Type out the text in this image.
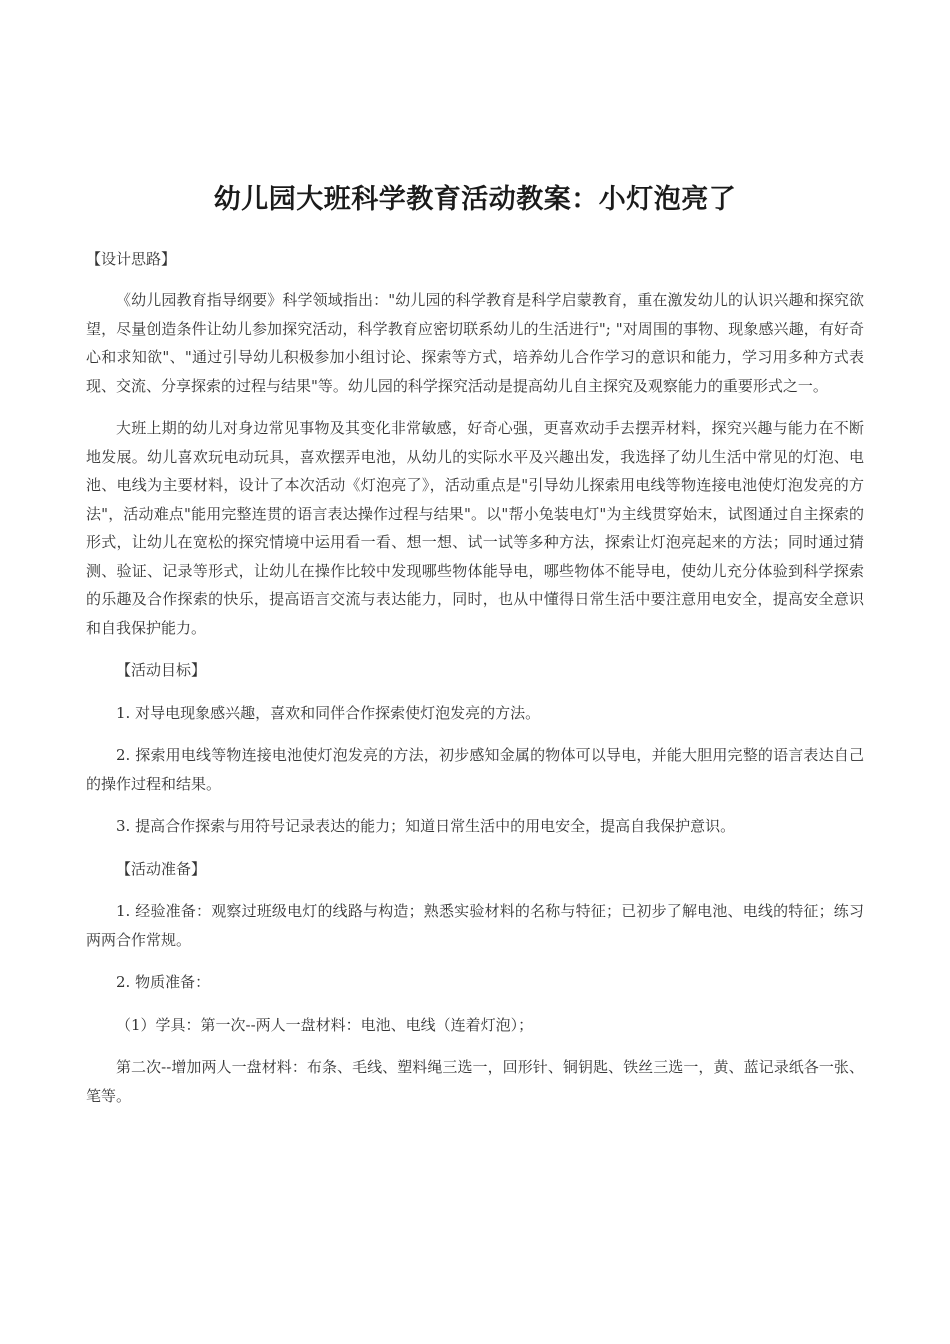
幼儿园大班科学教育活动教案：小灯泡亮了
【设计思路】

《幼儿园教育指导纲要》科学领域指出："幼儿园的科学教育是科学启蒙教育，重在激发幼儿的认识兴趣和探究欲望，尽量创造条件让幼儿参加探究活动，科学教育应密切联系幼儿的生活进行"; "对周围的事物、现象感兴趣，有好奇心和求知欲"、"通过引导幼儿积极参加小组讨论、探索等方式，培养幼儿合作学习的意识和能力，学习用多种方式表现、交流、分享探索的过程与结果"等。幼儿园的科学探究活动是提高幼儿自主探究及观察能力的重要形式之一。

大班上期的幼儿对身边常见事物及其变化非常敏感，好奇心强，更喜欢动手去摆弄材料，探究兴趣与能力在不断地发展。幼儿喜欢玩电动玩具，喜欢摆弄电池，从幼儿的实际水平及兴趣出发，我选择了幼儿生活中常见的灯泡、电池、电线为主要材料，设计了本次活动《灯泡亮了》，活动重点是"引导幼儿探索用电线等物连接电池使灯泡发亮的方法"，活动难点"能用完整连贯的语言表达操作过程与结果"。以"帮小兔装电灯"为主线贯穿始末，试图通过自主探索的形式，让幼儿在宽松的探究情境中运用看一看、想一想、试一试等多种方法，探索让灯泡亮起来的方法；同时通过猜测、验证、记录等形式，让幼儿在操作比较中发现哪些物体能导电，哪些物体不能导电，使幼儿充分体验到科学探索的乐趣及合作探索的快乐，提高语言交流与表达能力，同时，也从中懂得日常生活中要注意用电安全，提高安全意识和自我保护能力。

【活动目标】

1. 对导电现象感兴趣，喜欢和同伴合作探索使灯泡发亮的方法。

2. 探索用电线等物连接电池使灯泡发亮的方法，初步感知金属的物体可以导电，并能大胆用完整的语言表达自己的操作过程和结果。

3. 提高合作探索与用符号记录表达的能力；知道日常生活中的用电安全，提高自我保护意识。

【活动准备】

1. 经验准备：观察过班级电灯的线路与构造；熟悉实验材料的名称与特征；已初步了解电池、电线的特征；练习两两合作常规。

2. 物质准备：

（1）学具：第一次--两人一盘材料：电池、电线（连着灯泡）；

第二次--增加两人一盘材料：布条、毛线、塑料绳三选一，回形针、铜钥匙、铁丝三选一，黄、蓝记录纸各一张、笔等。
